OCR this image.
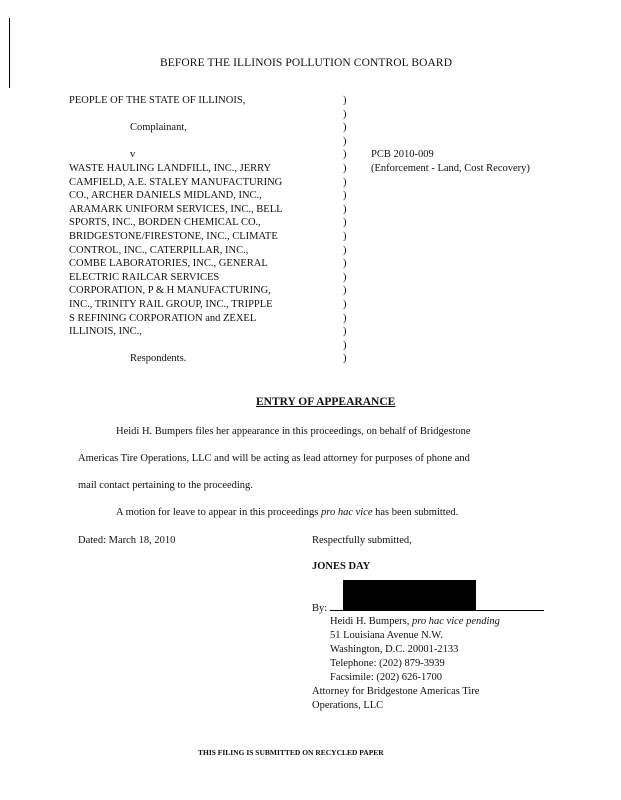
BEFORE THE ILLINOIS POLLUTION CONTROL BOARD
PEOPLE OF THE STATE OF ILLINOIS,
Complainant,
v
WASTE HAULING LANDFILL, INC., JERRY
CAMFIELD, A.E. STALEY MANUFACTURING
CO., ARCHER DANIELS MIDLAND, INC.,
ARAMARK UNIFORM SERVICES, INC., BELL
SPORTS, INC., BORDEN CHEMICAL CO.,
BRIDGESTONE/FIRESTONE, INC., CLIMATE
CONTROL, INC., CATERPILLAR, INC.,
COMBE LABORATORIES, INC., GENERAL
ELECTRIC RAILCAR SERVICES
CORPORATION, P & H MANUFACTURING,
INC., TRINITY RAIL GROUP, INC., TRIPPLE
S REFINING CORPORATION and ZEXEL
ILLINOIS, INC.,
Respondents.
)
)
)
)
)
)
)
)
)
)
)
)
)
)
)
)
)
)
)
)
PCB 2010-009
(Enforcement - Land, Cost Recovery)
ENTRY OF APPEARANCE
Heidi H. Bumpers files her appearance in this proceedings, on behalf of Bridgestone
Americas Tire Operations, LLC and will be acting as lead attorney for purposes of phone and
mail contact pertaining to the proceeding.
A motion for leave to appear in this proceedings pro hac vice has been submitted.
Dated: March 18, 2010	Respectfully submitted,
JONES DAY
By:
Heidi H. Bumpers, pro hac vice pending
51 Louisiana Avenue N.W.
Washington, D.C. 20001-2133
Telephone: (202) 879-3939
Facsimile: (202) 626-1700
Attorney for Bridgestone Americas Tire
Operations, LLC
THIS FILING IS SUBMITTED ON RECYCLED PAPER
